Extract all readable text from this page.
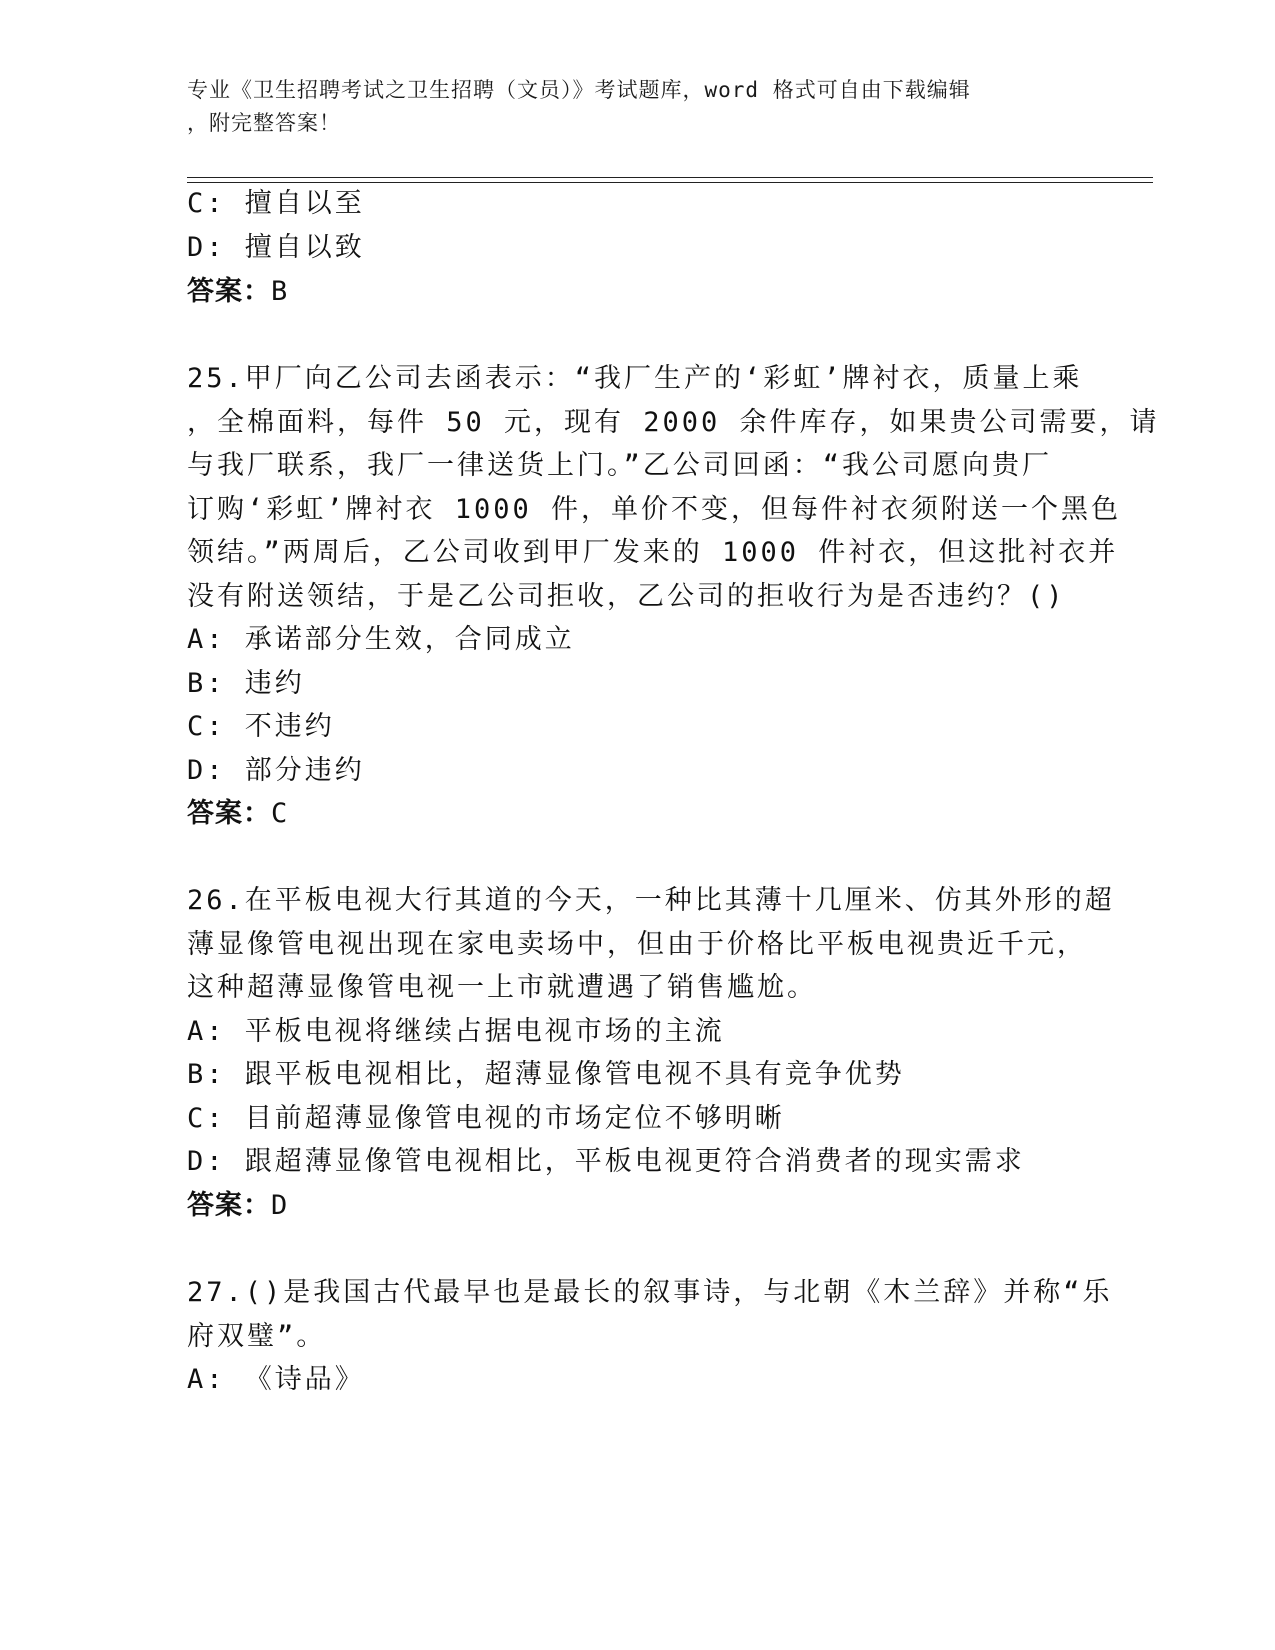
专业《卫生招聘考试之卫生招聘（文员）》考试题库，word 格式可自由下载编辑

，附完整答案！

C: 擅自以至
D: 擅自以致
答案：B
25.甲厂向乙公司去函表示：“我厂生产的‘彩虹’牌衬衣，质量上乘
，全棉面料，每件 50 元，现有 2000 余件库存，如果贵公司需要，请
与我厂联系，我厂一律送货上门。”乙公司回函：“我公司愿向贵厂
订购‘彩虹’牌衬衣 1000 件，单价不变，但每件衬衣须附送一个黑色
领结。”两周后，乙公司收到甲厂发来的 1000 件衬衣，但这批衬衣并
没有附送领结，于是乙公司拒收，乙公司的拒收行为是否违约？()
A: 承诺部分生效，合同成立
B: 违约
C: 不违约
D: 部分违约
答案：C
26.在平板电视大行其道的今天，一种比其薄十几厘米、仿其外形的超
薄显像管电视出现在家电卖场中，但由于价格比平板电视贵近千元，
这种超薄显像管电视一上市就遭遇了销售尴尬。
A: 平板电视将继续占据电视市场的主流
B: 跟平板电视相比，超薄显像管电视不具有竞争优势
C: 目前超薄显像管电视的市场定位不够明晰
D: 跟超薄显像管电视相比，平板电视更符合消费者的现实需求
答案：D
27.()是我国古代最早也是最长的叙事诗，与北朝《木兰辞》并称“乐
府双璧”。
A: 《诗品》
